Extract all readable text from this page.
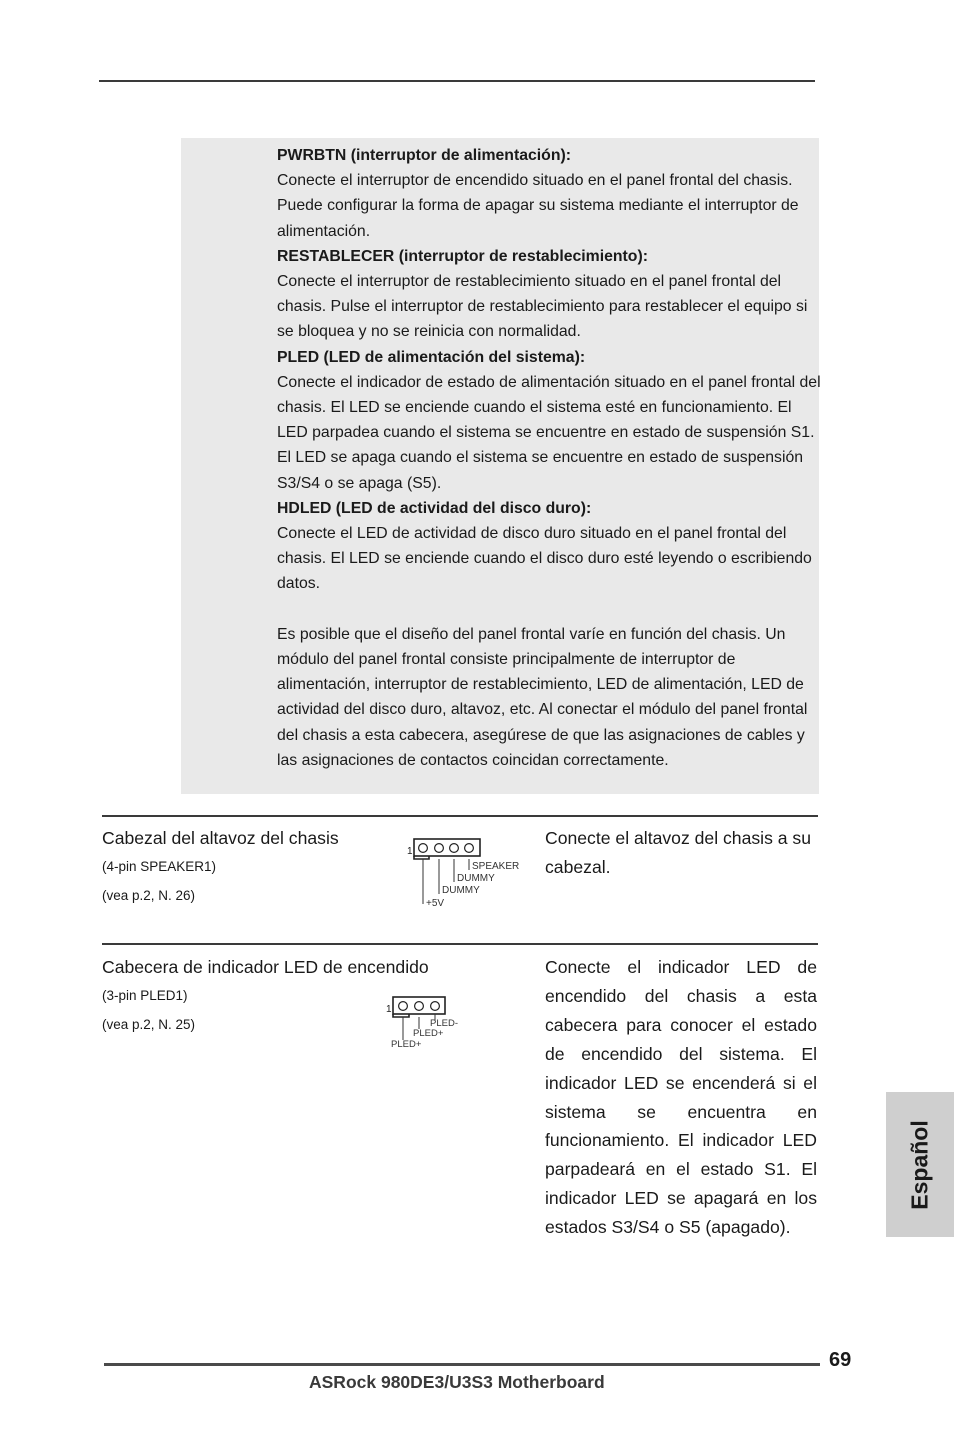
PWRBTN (interruptor de alimentación):

Conecte el interruptor de encendido situado en el panel frontal del chasis. Puede configurar la forma de apagar su sistema mediante el interruptor de alimentación.

RESTABLECER (interruptor de restablecimiento):

Conecte el interruptor de restablecimiento situado en el panel frontal del chasis. Pulse el interruptor de restablecimiento para restablecer el equipo si se bloquea y no se reinicia con normalidad.

PLED (LED de alimentación del sistema):

Conecte el indicador de estado de alimentación situado en el panel frontal del chasis. El LED se enciende cuando el sistema esté en funcionamiento. El LED parpadea cuando el sistema se encuentre en estado de suspensión S1. El LED se apaga cuando el sistema se encuentre en estado de suspensión S3/S4 o se apaga (S5).

HDLED (LED de actividad del disco duro):

Conecte el LED de actividad de disco duro situado en el panel frontal del chasis. El LED se enciende cuando el disco duro esté leyendo o escribiendo datos.

Es posible que el diseño del panel frontal varíe en función del chasis. Un módulo del panel frontal consiste principalmente de interruptor de alimentación, interruptor de restablecimiento, LED de alimentación, LED de actividad del disco duro, altavoz, etc. Al conectar el módulo del panel frontal del chasis a esta cabecera, asegúrese de que las asignaciones de cables y las asignaciones de contactos coincidan correctamente.

Cabezal del altavoz del chasis
(4-pin SPEAKER1)
(vea p.2, N. 26)
Conecte el altavoz del chasis a su cabezal.
1
SPEAKER
DUMMY
DUMMY
+5V
Cabecera de indicador LED de encendido
(3-pin PLED1)
(vea p.2, N. 25)
Conecte el indicador LED de encendido del chasis a esta cabecera para conocer el estado de encendido del sistema. El indicador LED se encenderá si el sistema se encuentra en funcionamiento. El indicador LED parpadeará en el estado S1. El indicador LED se apagará en los estados S3/S4 o S5 (apagado).
1
PLED-
PLED+
PLED+
Español
69
ASRock 980DE3/U3S3 Motherboard
